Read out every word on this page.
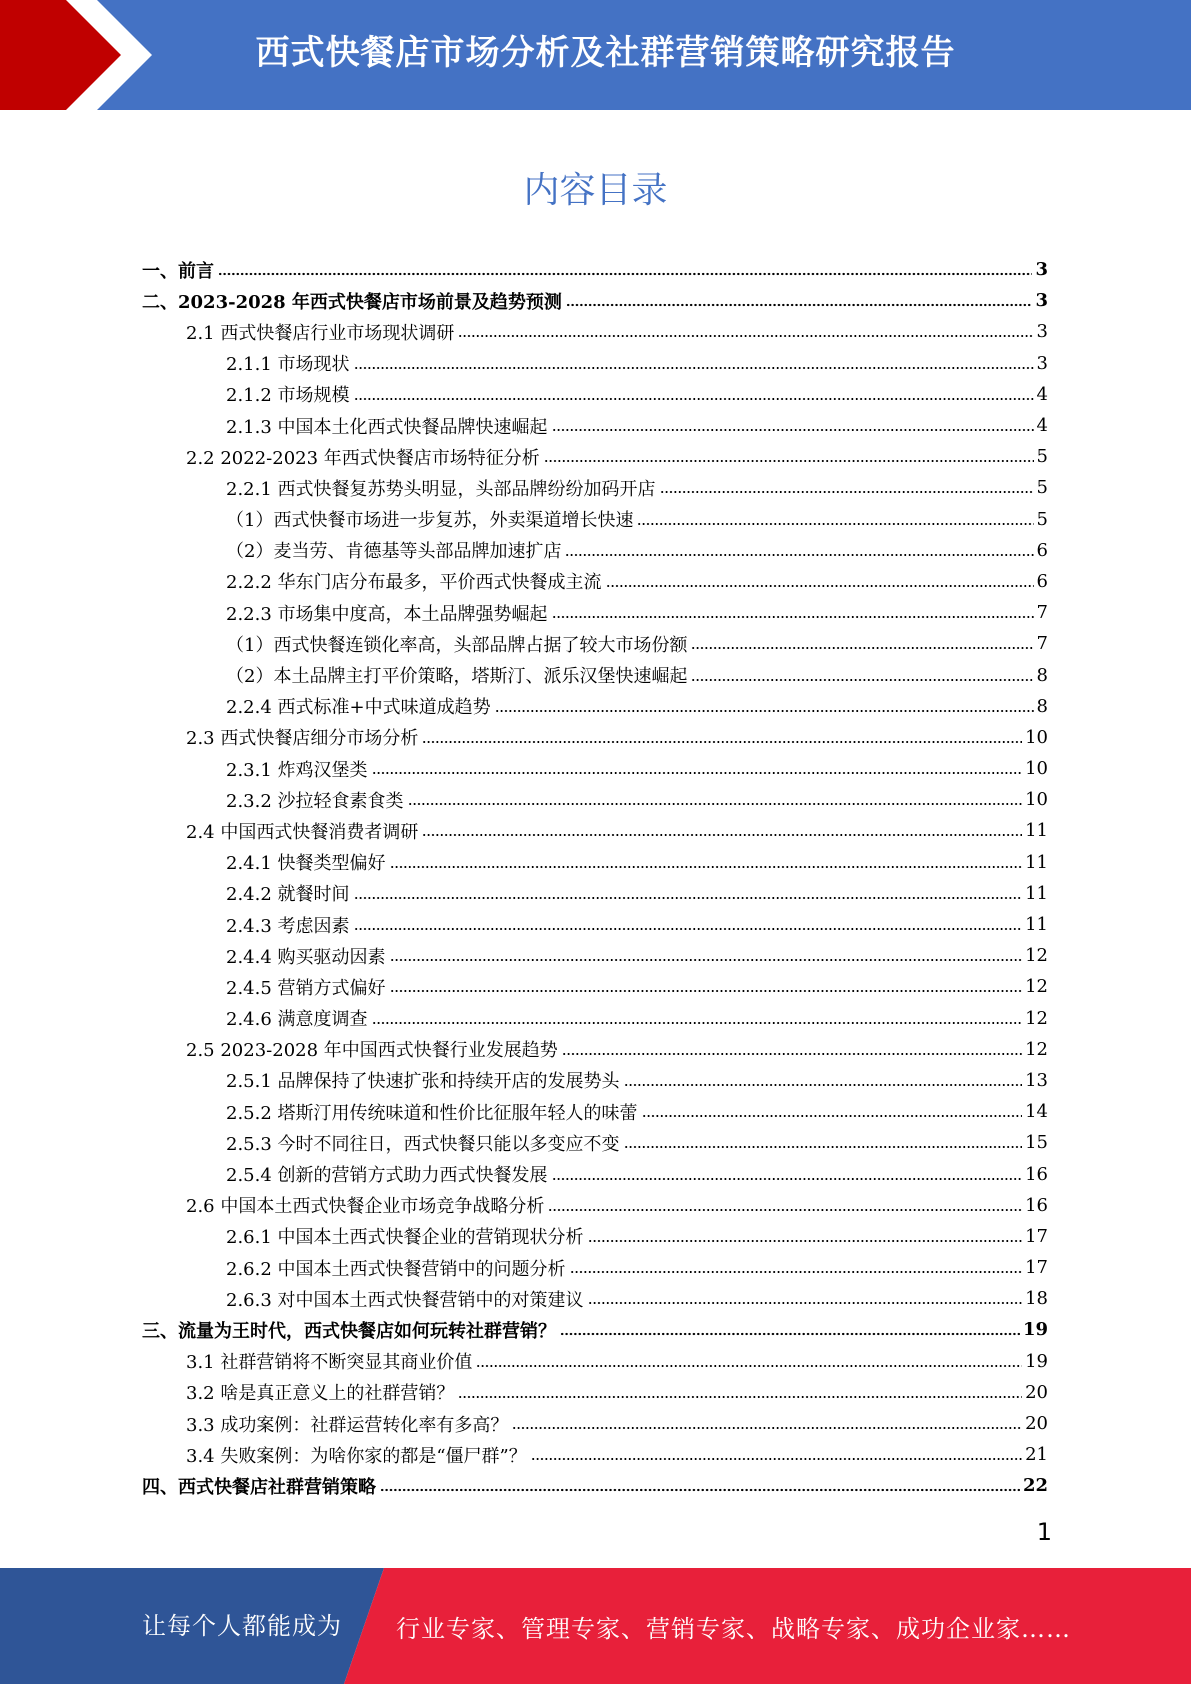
西式快餐店市场分析及社群营销策略研究报告
内容目录
一、前言	3
二、2023-2028 年西式快餐店市场前景及趋势预测	3
2.1 西式快餐店行业市场现状调研	3
2.1.1 市场现状	3
2.1.2 市场规模	4
2.1.3 中国本土化西式快餐品牌快速崛起	4
2.2 2022-2023 年西式快餐店市场特征分析	5
2.2.1 西式快餐复苏势头明显，头部品牌纷纷加码开店	5
（1）西式快餐市场进一步复苏，外卖渠道增长快速	5
（2）麦当劳、肯德基等头部品牌加速扩店	6
2.2.2 华东门店分布最多，平价西式快餐成主流	6
2.2.3 市场集中度高，本土品牌强势崛起	7
（1）西式快餐连锁化率高，头部品牌占据了较大市场份额	7
（2）本土品牌主打平价策略，塔斯汀、派乐汉堡快速崛起	8
2.2.4 西式标准+中式味道成趋势	8
2.3 西式快餐店细分市场分析	10
2.3.1 炸鸡汉堡类	10
2.3.2 沙拉轻食素食类	10
2.4 中国西式快餐消费者调研	11
2.4.1 快餐类型偏好	11
2.4.2 就餐时间	11
2.4.3 考虑因素	11
2.4.4 购买驱动因素	12
2.4.5 营销方式偏好	12
2.4.6 满意度调查	12
2.5 2023-2028 年中国西式快餐行业发展趋势	12
2.5.1 品牌保持了快速扩张和持续开店的发展势头	13
2.5.2 塔斯汀用传统味道和性价比征服年轻人的味蕾	14
2.5.3 今时不同往日，西式快餐只能以多变应不变	15
2.5.4 创新的营销方式助力西式快餐发展	16
2.6 中国本土西式快餐企业市场竞争战略分析	16
2.6.1 中国本土西式快餐企业的营销现状分析	17
2.6.2 中国本土西式快餐营销中的问题分析	17
2.6.3 对中国本土西式快餐营销中的对策建议	18
三、流量为王时代，西式快餐店如何玩转社群营销？	19
3.1 社群营销将不断突显其商业价值	19
3.2 啥是真正意义上的社群营销？	20
3.3 成功案例：社群运营转化率有多高？	20
3.4 失败案例：为啥你家的都是“僵尸群”？	21
四、西式快餐店社群营销策略	22
1
让每个人都能成为 行业专家、管理专家、营销专家、战略专家、成功企业家……
